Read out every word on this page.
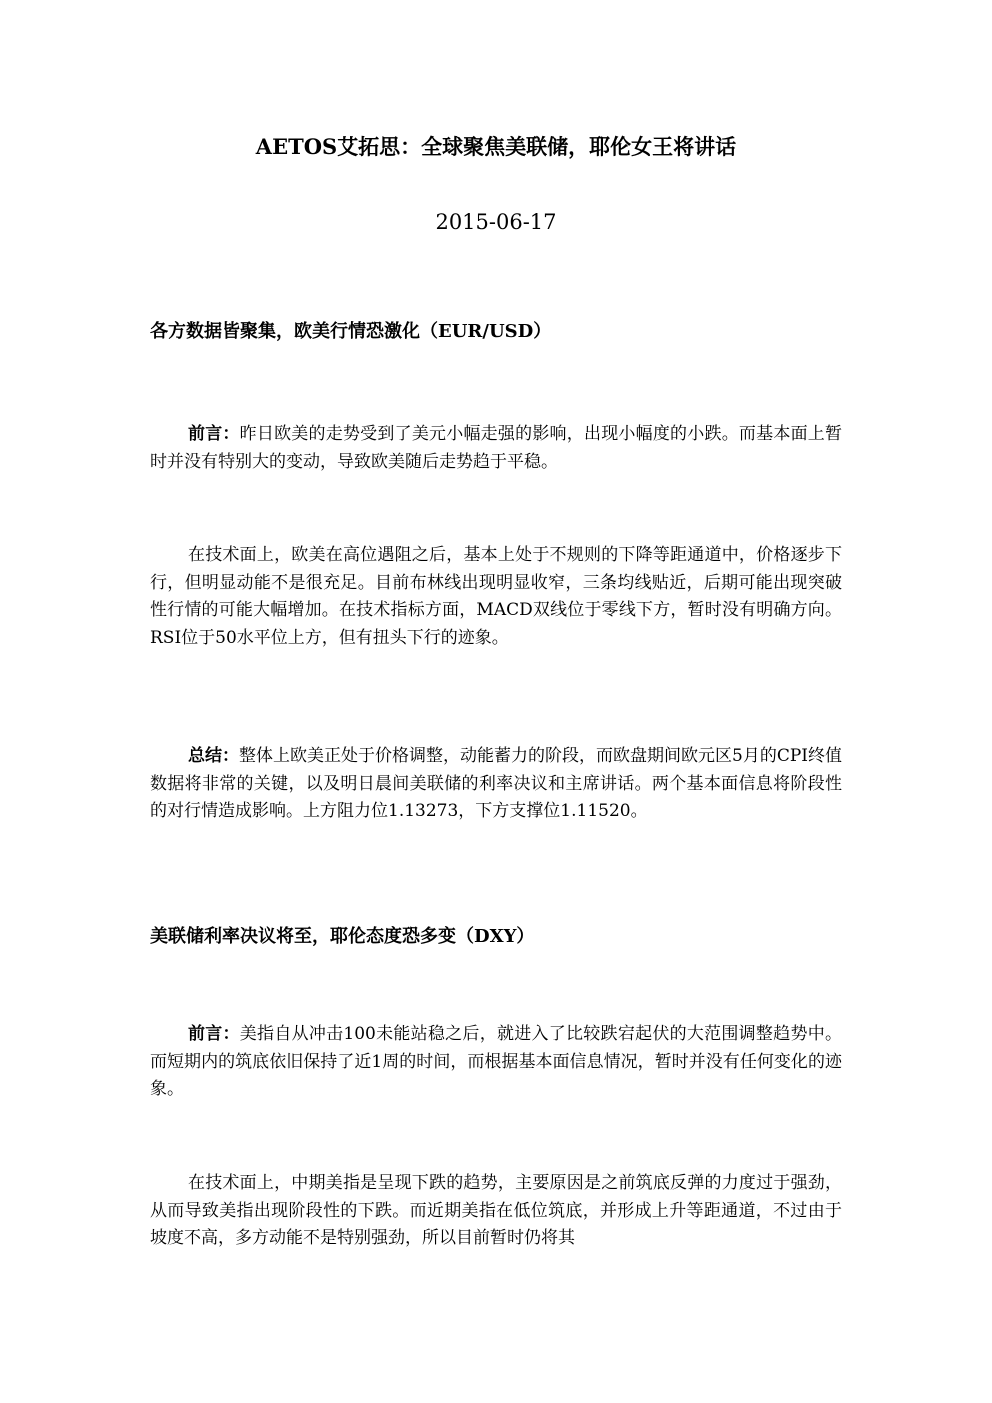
AETOS艾拓思：全球聚焦美联储，耶伦女王将讲话
2015-06-17
各方数据皆聚集，欧美行情恐激化（EUR/USD）

前言：昨日欧美的走势受到了美元小幅走强的影响，出现小幅度的小跌。而基本面上暂时并没有特别大的变动，导致欧美随后走势趋于平稳。

在技术面上，欧美在高位遇阻之后，基本上处于不规则的下降等距通道中，价格逐步下行，但明显动能不是很充足。目前布林线出现明显收窄，三条均线贴近，后期可能出现突破性行情的可能大幅增加。在技术指标方面，MACD双线位于零线下方，暂时没有明确方向。RSI位于50水平位上方，但有扭头下行的迹象。

总结：整体上欧美正处于价格调整，动能蓄力的阶段，而欧盘期间欧元区5月的CPI终值数据将非常的关键，以及明日晨间美联储的利率决议和主席讲话。两个基本面信息将阶段性的对行情造成影响。上方阻力位1.13273，下方支撑位1.11520。

美联储利率决议将至，耶伦态度恐多变（DXY）

前言：美指自从冲击100未能站稳之后，就进入了比较跌宕起伏的大范围调整趋势中。而短期内的筑底依旧保持了近1周的时间，而根据基本面信息情况，暂时并没有任何变化的迹象。

在技术面上，中期美指是呈现下跌的趋势，主要原因是之前筑底反弹的力度过于强劲，从而导致美指出现阶段性的下跌。而近期美指在低位筑底，并形成上升等距通道，不过由于坡度不高，多方动能不是特别强劲，所以目前暂时仍将其
